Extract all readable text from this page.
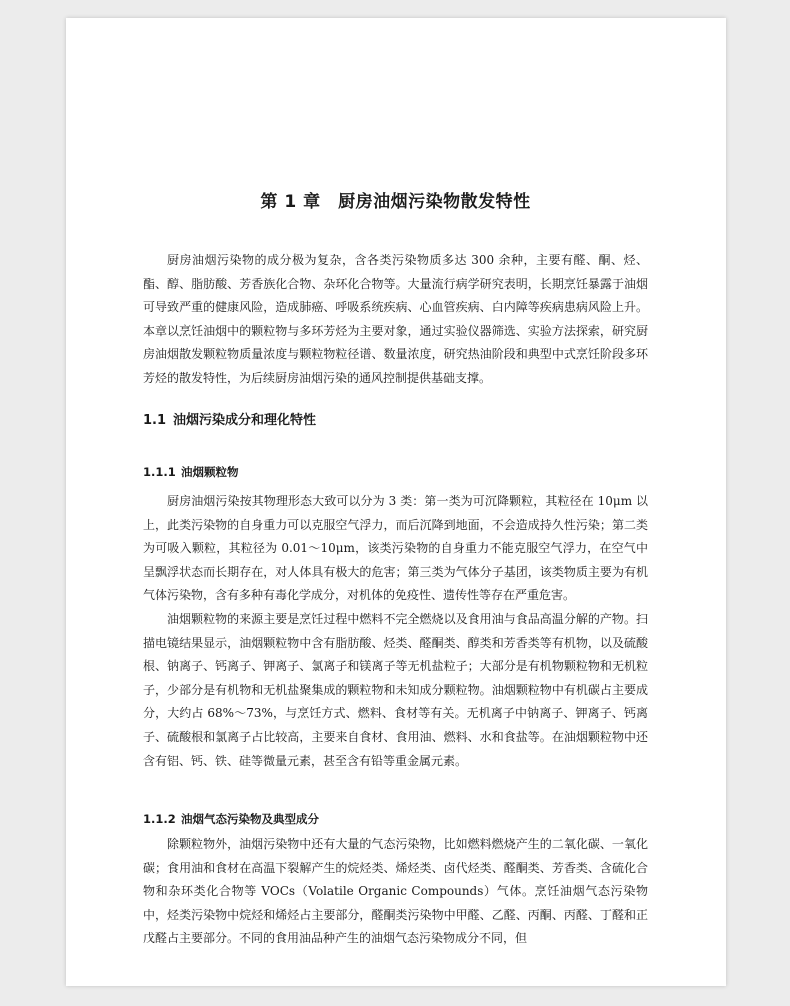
第 1 章　厨房油烟污染物散发特性

厨房油烟污染物的成分极为复杂，含各类污染物质多达 300 余种，主要有醛、酮、烃、酯、醇、脂肪酸、芳香族化合物、杂环化合物等。大量流行病学研究表明，长期烹饪暴露于油烟可导致严重的健康风险，造成肺癌、呼吸系统疾病、心血管疾病、白内障等疾病患病风险上升。本章以烹饪油烟中的颗粒物与多环芳烃为主要对象，通过实验仪器筛选、实验方法探索，研究厨房油烟散发颗粒物质量浓度与颗粒物粒径谱、数量浓度，研究热油阶段和典型中式烹饪阶段多环芳烃的散发特性，为后续厨房油烟污染的通风控制提供基础支撑。

1.1 油烟污染成分和理化特性
1.1.1 油烟颗粒物

厨房油烟污染按其物理形态大致可以分为 3 类：第一类为可沉降颗粒，其粒径在 10μm 以上，此类污染物的自身重力可以克服空气浮力，而后沉降到地面，不会造成持久性污染；第二类为可吸入颗粒，其粒径为 0.01～10μm，该类污染物的自身重力不能克服空气浮力，在空气中呈飘浮状态而长期存在，对人体具有极大的危害；第三类为气体分子基团，该类物质主要为有机气体污染物，含有多种有毒化学成分，对机体的免疫性、遗传性等存在严重危害。

油烟颗粒物的来源主要是烹饪过程中燃料不完全燃烧以及食用油与食品高温分解的产物。扫描电镜结果显示，油烟颗粒物中含有脂肪酸、烃类、醛酮类、醇类和芳香类等有机物，以及硫酸根、钠离子、钙离子、钾离子、氯离子和镁离子等无机盐粒子；大部分是有机物颗粒物和无机粒子，少部分是有机物和无机盐聚集成的颗粒物和未知成分颗粒物。油烟颗粒物中有机碳占主要成分，大约占 68%～73%，与烹饪方式、燃料、食材等有关。无机离子中钠离子、钾离子、钙离子、硫酸根和氯离子占比较高，主要来自食材、食用油、燃料、水和食盐等。在油烟颗粒物中还含有铝、钙、铁、硅等微量元素，甚至含有铅等重金属元素。

1.1.2 油烟气态污染物及典型成分

除颗粒物外，油烟污染物中还有大量的气态污染物，比如燃料燃烧产生的二氧化碳、一氧化碳；食用油和食材在高温下裂解产生的烷烃类、烯烃类、卤代烃类、醛酮类、芳香类、含硫化合物和杂环类化合物等 VOCs（Volatile Organic Compounds）气体。烹饪油烟气态污染物中，烃类污染物中烷烃和烯烃占主要部分，醛酮类污染物中甲醛、乙醛、丙酮、丙醛、丁醛和正戊醛占主要部分。不同的食用油品种产生的油烟气态污染物成分不同，但
